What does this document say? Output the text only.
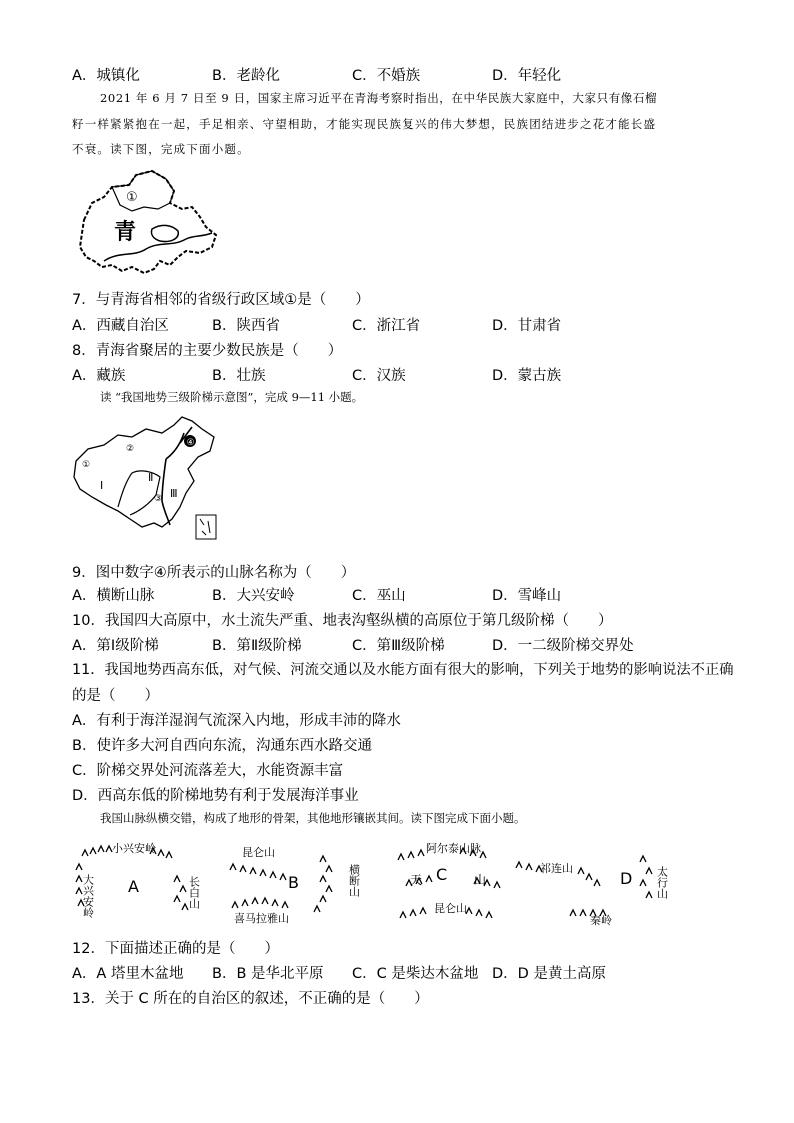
A．城镇化	B．老龄化	C．不婚族	D．年轻化
2021 年 6 月 7 日至 9 日，国家主席习近平在青海考察时指出，在中华民族大家庭中，大家只有像石榴
籽一样紧紧抱在一起，手足相亲、守望相助，才能实现民族复兴的伟大梦想，民族团结进步之花才能长盛
不衰。读下图，完成下面小题。
①
青
7．与青海省相邻的省级行政区域①是（　　）
A．西藏自治区	B．陕西省	C．浙江省	D．甘肃省
8．青海省聚居的主要少数民族是（　　）
A．藏族	B．壮族	C．汉族	D．蒙古族
读 “我国地势三级阶梯示意图”，完成 9—11 小题。
④
①
②
③
Ⅰ
Ⅱ
Ⅲ
9．图中数字④所表示的山脉名称为（　　）
A．横断山脉	B．大兴安岭	C．巫山	D．雪峰山
10．我国四大高原中，水土流失严重、地表沟壑纵横的高原位于第几级阶梯（　　）
A．第Ⅰ级阶梯	B．第Ⅱ级阶梯	C．第Ⅲ级阶梯	D．一二级阶梯交界处
11．我国地势西高东低，对气候、河流交通以及水能方面有很大的影响，下列关于地势的影响说法不正确
的是（　　）
A．有利于海洋湿润气流深入内地，形成丰沛的降水
B．使许多大河自西向东流，沟通东西水路交通
C．阶梯交界处河流落差大，水能资源丰富
D．西高东低的阶梯地势有利于发展海洋事业
我国山脉纵横交错，构成了地形的骨架，其他地形镶嵌其间。读下图完成下面小题。
小兴安岭
大兴安岭	长白山
A
昆仑山
横断山
喜马拉雅山
B
阿尔泰山脉
天	山
昆仑山
C	祁连山
秦岭
太行山
D
12．下面描述正确的是（　　）
A．A 塔里木盆地 B．B 是华北平原 C．C 是柴达木盆地 D．D 是黄土高原
13．关于 C 所在的自治区的叙述，不正确的是（　　）
